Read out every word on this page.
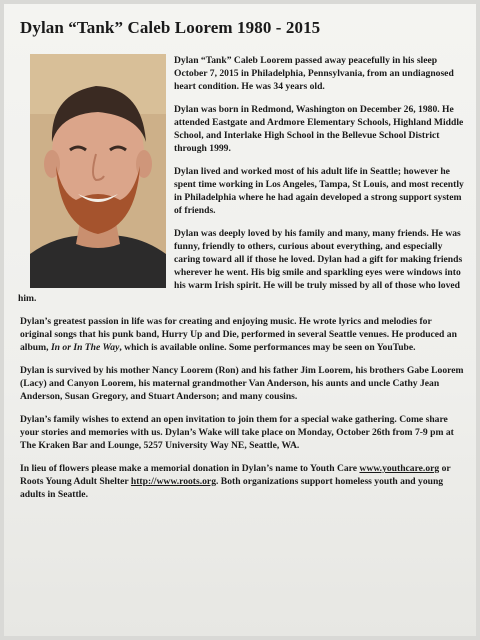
Dylan “Tank” Caleb Loorem 1980 - 2015

Dylan “Tank” Caleb Loorem passed away peacefully in his sleep October 7, 2015 in Philadelphia, Pennsylvania, from an undiagnosed heart condition. He was 34 years old.

Dylan was born in Redmond, Washington on December 26, 1980. He attended Eastgate and Ardmore Elementary Schools, Highland Middle School, and Interlake High School in the Bellevue School District through 1999.

Dylan lived and worked most of his adult life in Seattle; however he spent time working in Los Angeles, Tampa, St Louis, and most recently in Philadelphia where he had again developed a strong support system of friends.

Dylan was deeply loved by his family and many, many friends. He was funny, friendly to others, curious about everything, and especially caring toward all if those he loved. Dylan had a gift for making friends wherever he went. His big smile and sparkling eyes were windows into his warm Irish spirit. He will be truly missed by all of those who loved him.

Dylan’s greatest passion in life was for creating and enjoying music. He wrote lyrics and melodies for original songs that his punk band, Hurry Up and Die, performed in several Seattle venues. He produced an album, In or In The Way, which is available online. Some performances may be seen on YouTube.

Dylan is survived by his mother Nancy Loorem (Ron) and his father Jim Loorem, his brothers Gabe Loorem (Lacy) and Canyon Loorem, his maternal grandmother Van Anderson, his aunts and uncle Cathy Jean Anderson, Susan Gregory, and Stuart Anderson; and many cousins.

Dylan’s family wishes to extend an open invitation to join them for a special wake gathering. Come share your stories and memories with us. Dylan’s Wake will take place on Monday, October 26th from 7-9 pm at The Kraken Bar and Lounge, 5257 University Way NE, Seattle, WA.

In lieu of flowers please make a memorial donation in Dylan’s name to Youth Care www.youthcare.org or Roots Young Adult Shelter http://www.roots.org. Both organizations support homeless youth and young adults in Seattle.
